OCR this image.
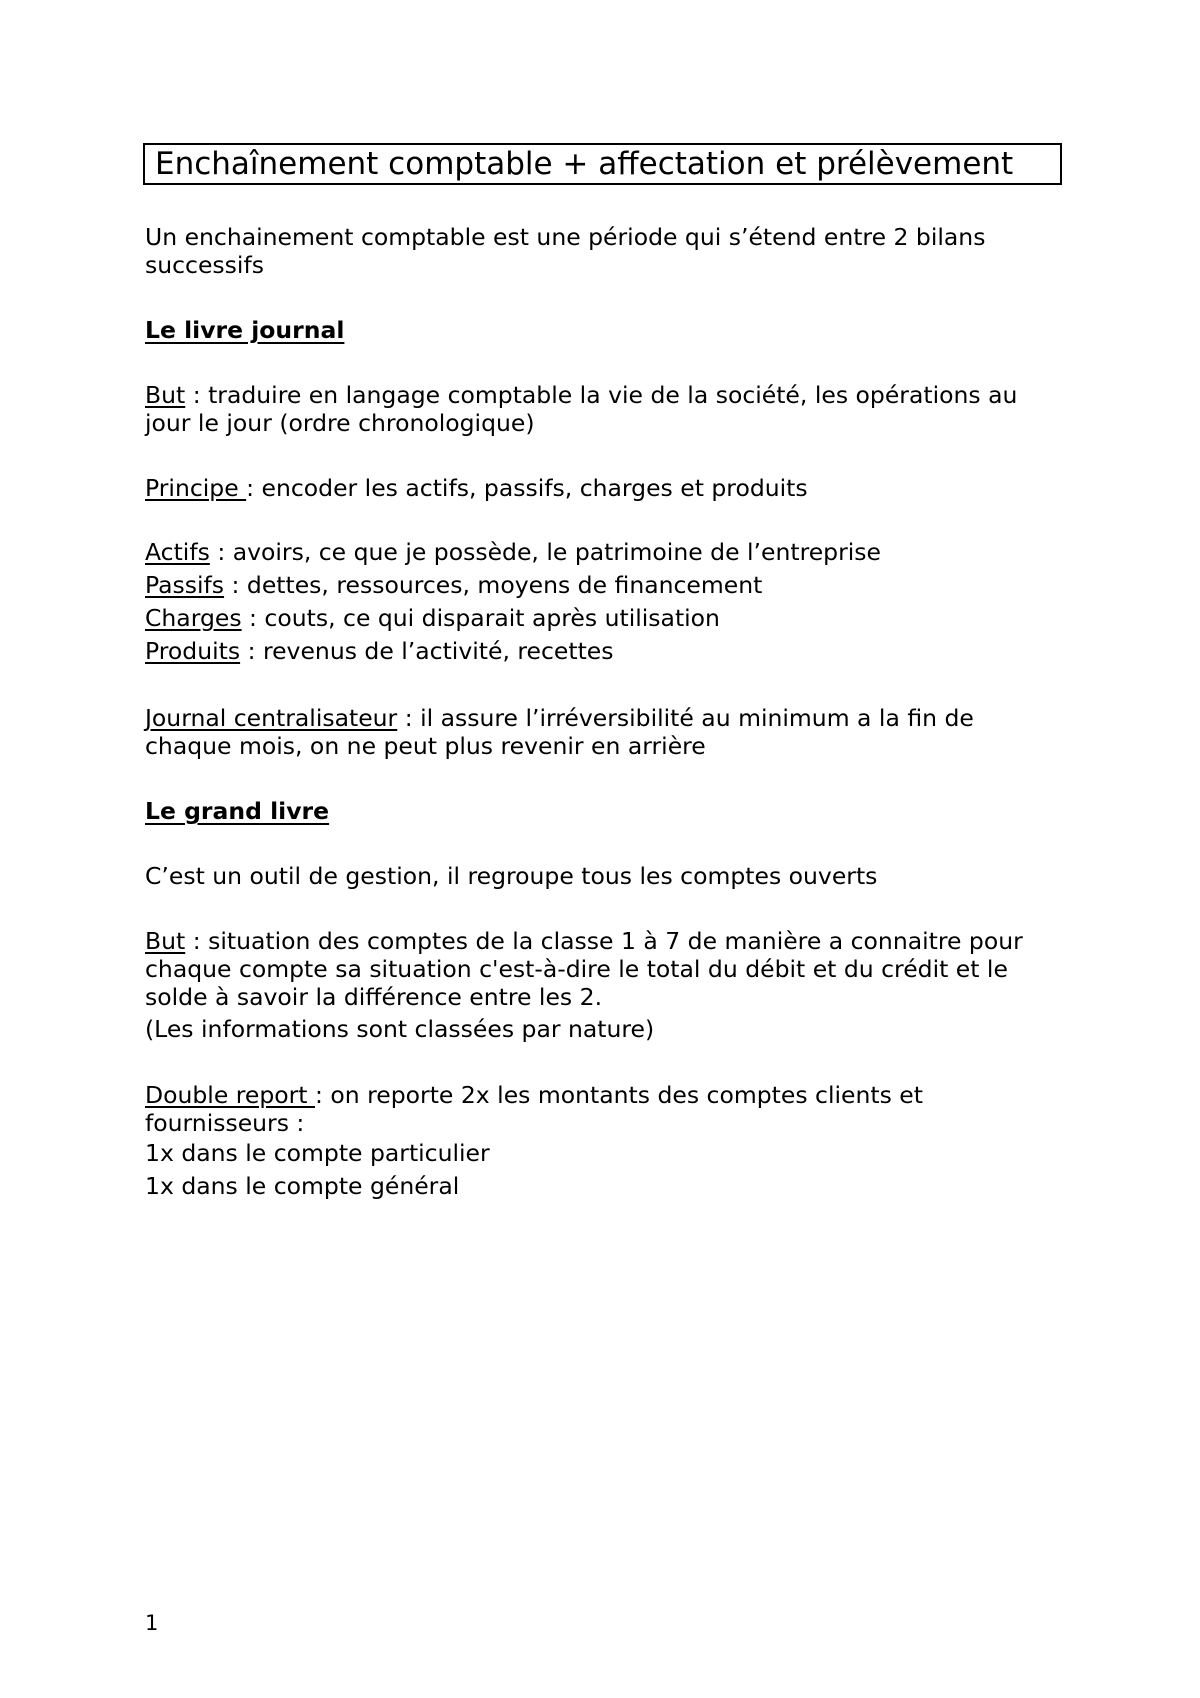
Enchaînement comptable + affectation et prélèvement
Un enchainement comptable est une période qui s’étend entre 2 bilans
successifs
Le livre journal
But : traduire en langage comptable la vie de la société, les opérations au
jour le jour (ordre chronologique)
Principe : encoder les actifs, passifs, charges et produits
Actifs : avoirs, ce que je possède, le patrimoine de l’entreprise
Passifs : dettes, ressources, moyens de financement
Charges : couts, ce qui disparait après utilisation
Produits : revenus de l’activité, recettes
Journal centralisateur : il assure l’irréversibilité au minimum a la fin de
chaque mois, on ne peut plus revenir en arrière
Le grand livre
C’est un outil de gestion, il regroupe tous les comptes ouverts
But : situation des comptes de la classe 1 à 7 de manière a connaitre pour
chaque compte sa situation c'est-à-dire le total du débit et du crédit et le
solde à savoir la différence entre les 2.
(Les informations sont classées par nature)
Double report : on reporte 2x les montants des comptes clients et
fournisseurs :
1x dans le compte particulier
1x dans le compte général
1
